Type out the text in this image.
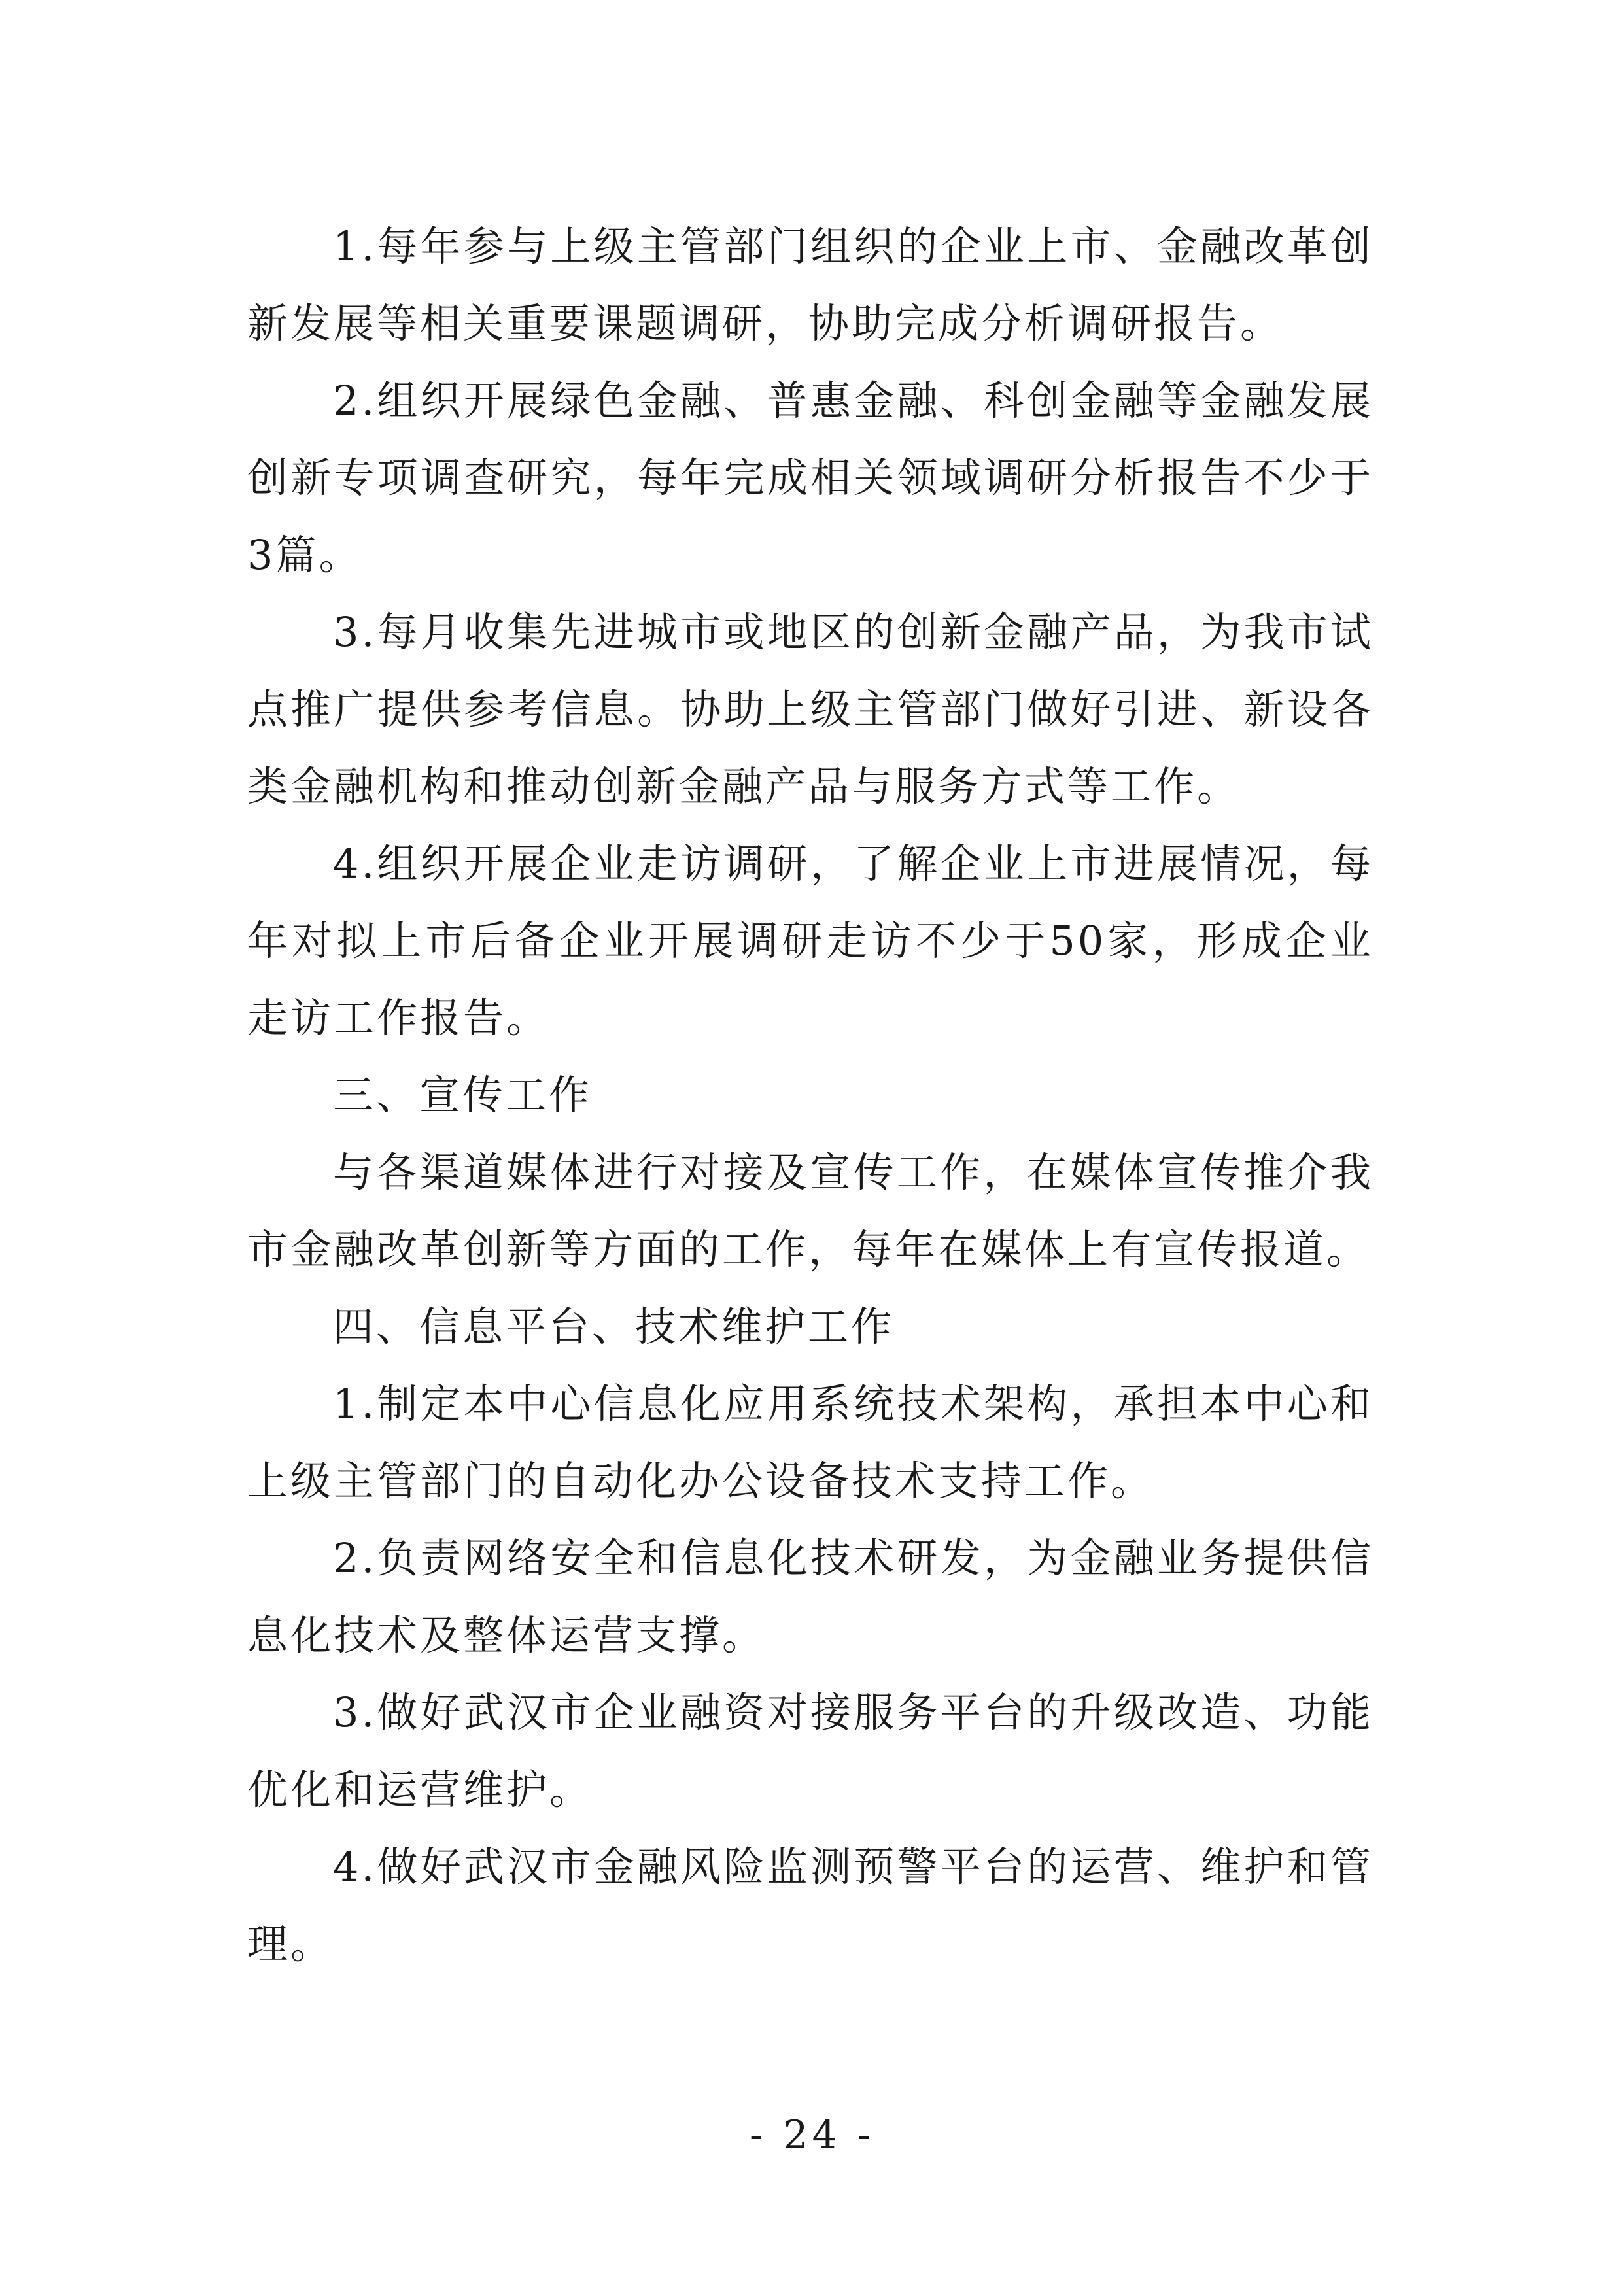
1.每年参与上级主管部门组织的企业上市、金融改革创新发展等相关重要课题调研，协助完成分析调研报告。

2.组织开展绿色金融、普惠金融、科创金融等金融发展创新专项调查研究，每年完成相关领域调研分析报告不少于3篇。

3.每月收集先进城市或地区的创新金融产品，为我市试点推广提供参考信息。协助上级主管部门做好引进、新设各类金融机构和推动创新金融产品与服务方式等工作。

4.组织开展企业走访调研，了解企业上市进展情况，每年对拟上市后备企业开展调研走访不少于50家，形成企业走访工作报告。

三、宣传工作

与各渠道媒体进行对接及宣传工作，在媒体宣传推介我市金融改革创新等方面的工作，每年在媒体上有宣传报道。

四、信息平台、技术维护工作

1.制定本中心信息化应用系统技术架构，承担本中心和上级主管部门的自动化办公设备技术支持工作。

2.负责网络安全和信息化技术研发，为金融业务提供信息化技术及整体运营支撑。

3.做好武汉市企业融资对接服务平台的升级改造、功能优化和运营维护。

4.做好武汉市金融风险监测预警平台的运营、维护和管理。

- 24 -
